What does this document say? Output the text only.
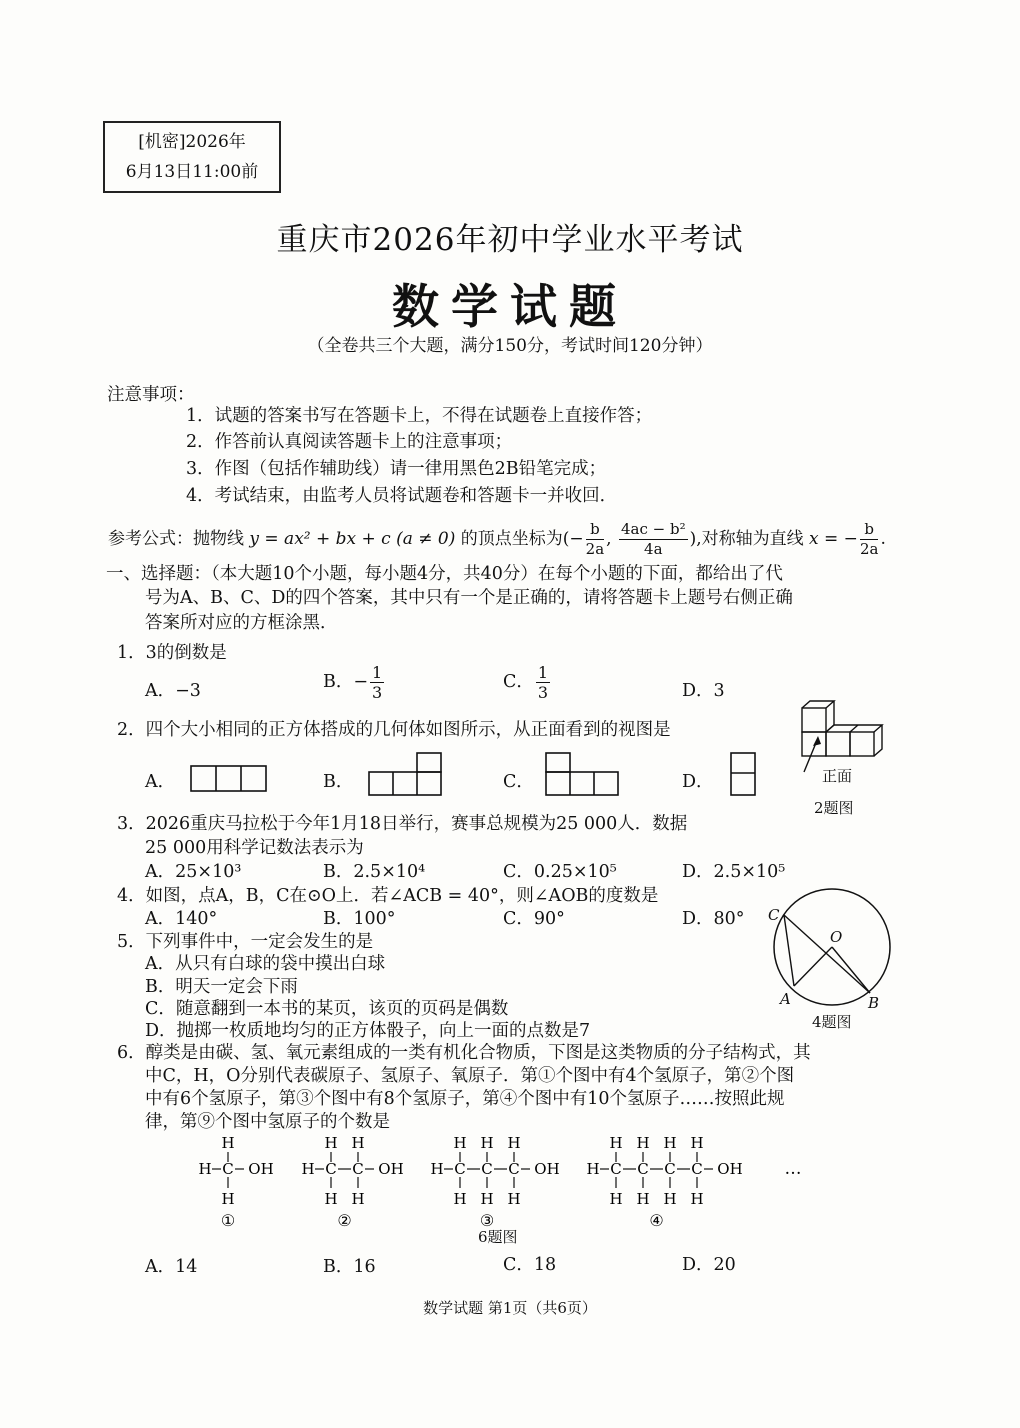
[机密]2026年
6月13日11:00前
重庆市2026年初中学业水平考试
数学试题
（全卷共三个大题，满分150分，考试时间120分钟）
注意事项：
1．试题的答案书写在答题卡上，不得在试题卷上直接作答；
2．作答前认真阅读答题卡上的注意事项；
3．作图（包括作辅助线）请一律用黑色2B铅笔完成；
4．考试结束，由监考人员将试题卷和答题卡一并收回．
参考公式：抛物线 y = ax² + bx + c (a ≠ 0) 的顶点坐标为(− $\frac{b}{2a}$ , $\frac{\text{4ac − b²}}{4a}$ ),对称轴为直线 x = − $\frac{b}{2a}$ .
一、选择题：（本大题10个小题，每小题4分，共40分）在每个小题的下面，都给出了代
号为A、B、C、D的四个答案，其中只有一个是正确的，请将答题卡上题号右侧正确
答案所对应的方框涂黑．
1．3的倒数是
A．−3	B．− $\frac{1}{3}$	C． $\frac{1}{3}$	D．3
2．四个大小相同的正方体搭成的几何体如图所示，从正面看到的视图是
A．	B．	C．	D．	正面
2题图
3．2026重庆马拉松于今年1月18日举行，赛事总规模为25 000人．数据
25 000用科学记数法表示为
A．25×10³	B．2.5×10⁴	C．0.25×10⁵	D．2.5×10⁵
4．如图，点A，B，C在⊙O上．若∠ACB = 40°，则∠AOB的度数是
A．140°	B．100°	C．90°	D．80° C
O
A	B
4题图
5．下列事件中，一定会发生的是
A．从只有白球的袋中摸出白球
B．明天一定会下雨
C．随意翻到一本书的某页，该页的页码是偶数
D．抛掷一枚质地均匀的正方体骰子，向上一面的点数是7
6．醇类是由碳、氢、氧元素组成的一类有机化合物质，下图是这类物质的分子结构式，其
中C，H，O分别代表碳原子、氢原子、氧原子．第①个图中有4个氢原子，第②个图
中有6个氢原子，第③个图中有8个氢原子，第④个图中有10个氢原子……按照此规
律，第⑨个图中氢原子的个数是
H C
H
H
OH
①
H C
H
H
C
H
H
OH
②
H C
H
H
C
H
H
C
H
H
OH
③
H C
H
H
C
H
H
C
H
H
C
H
H
OH
④
…
6题图
A．14	B．16	C．18	D．20
数学试题 第1页（共6页）
